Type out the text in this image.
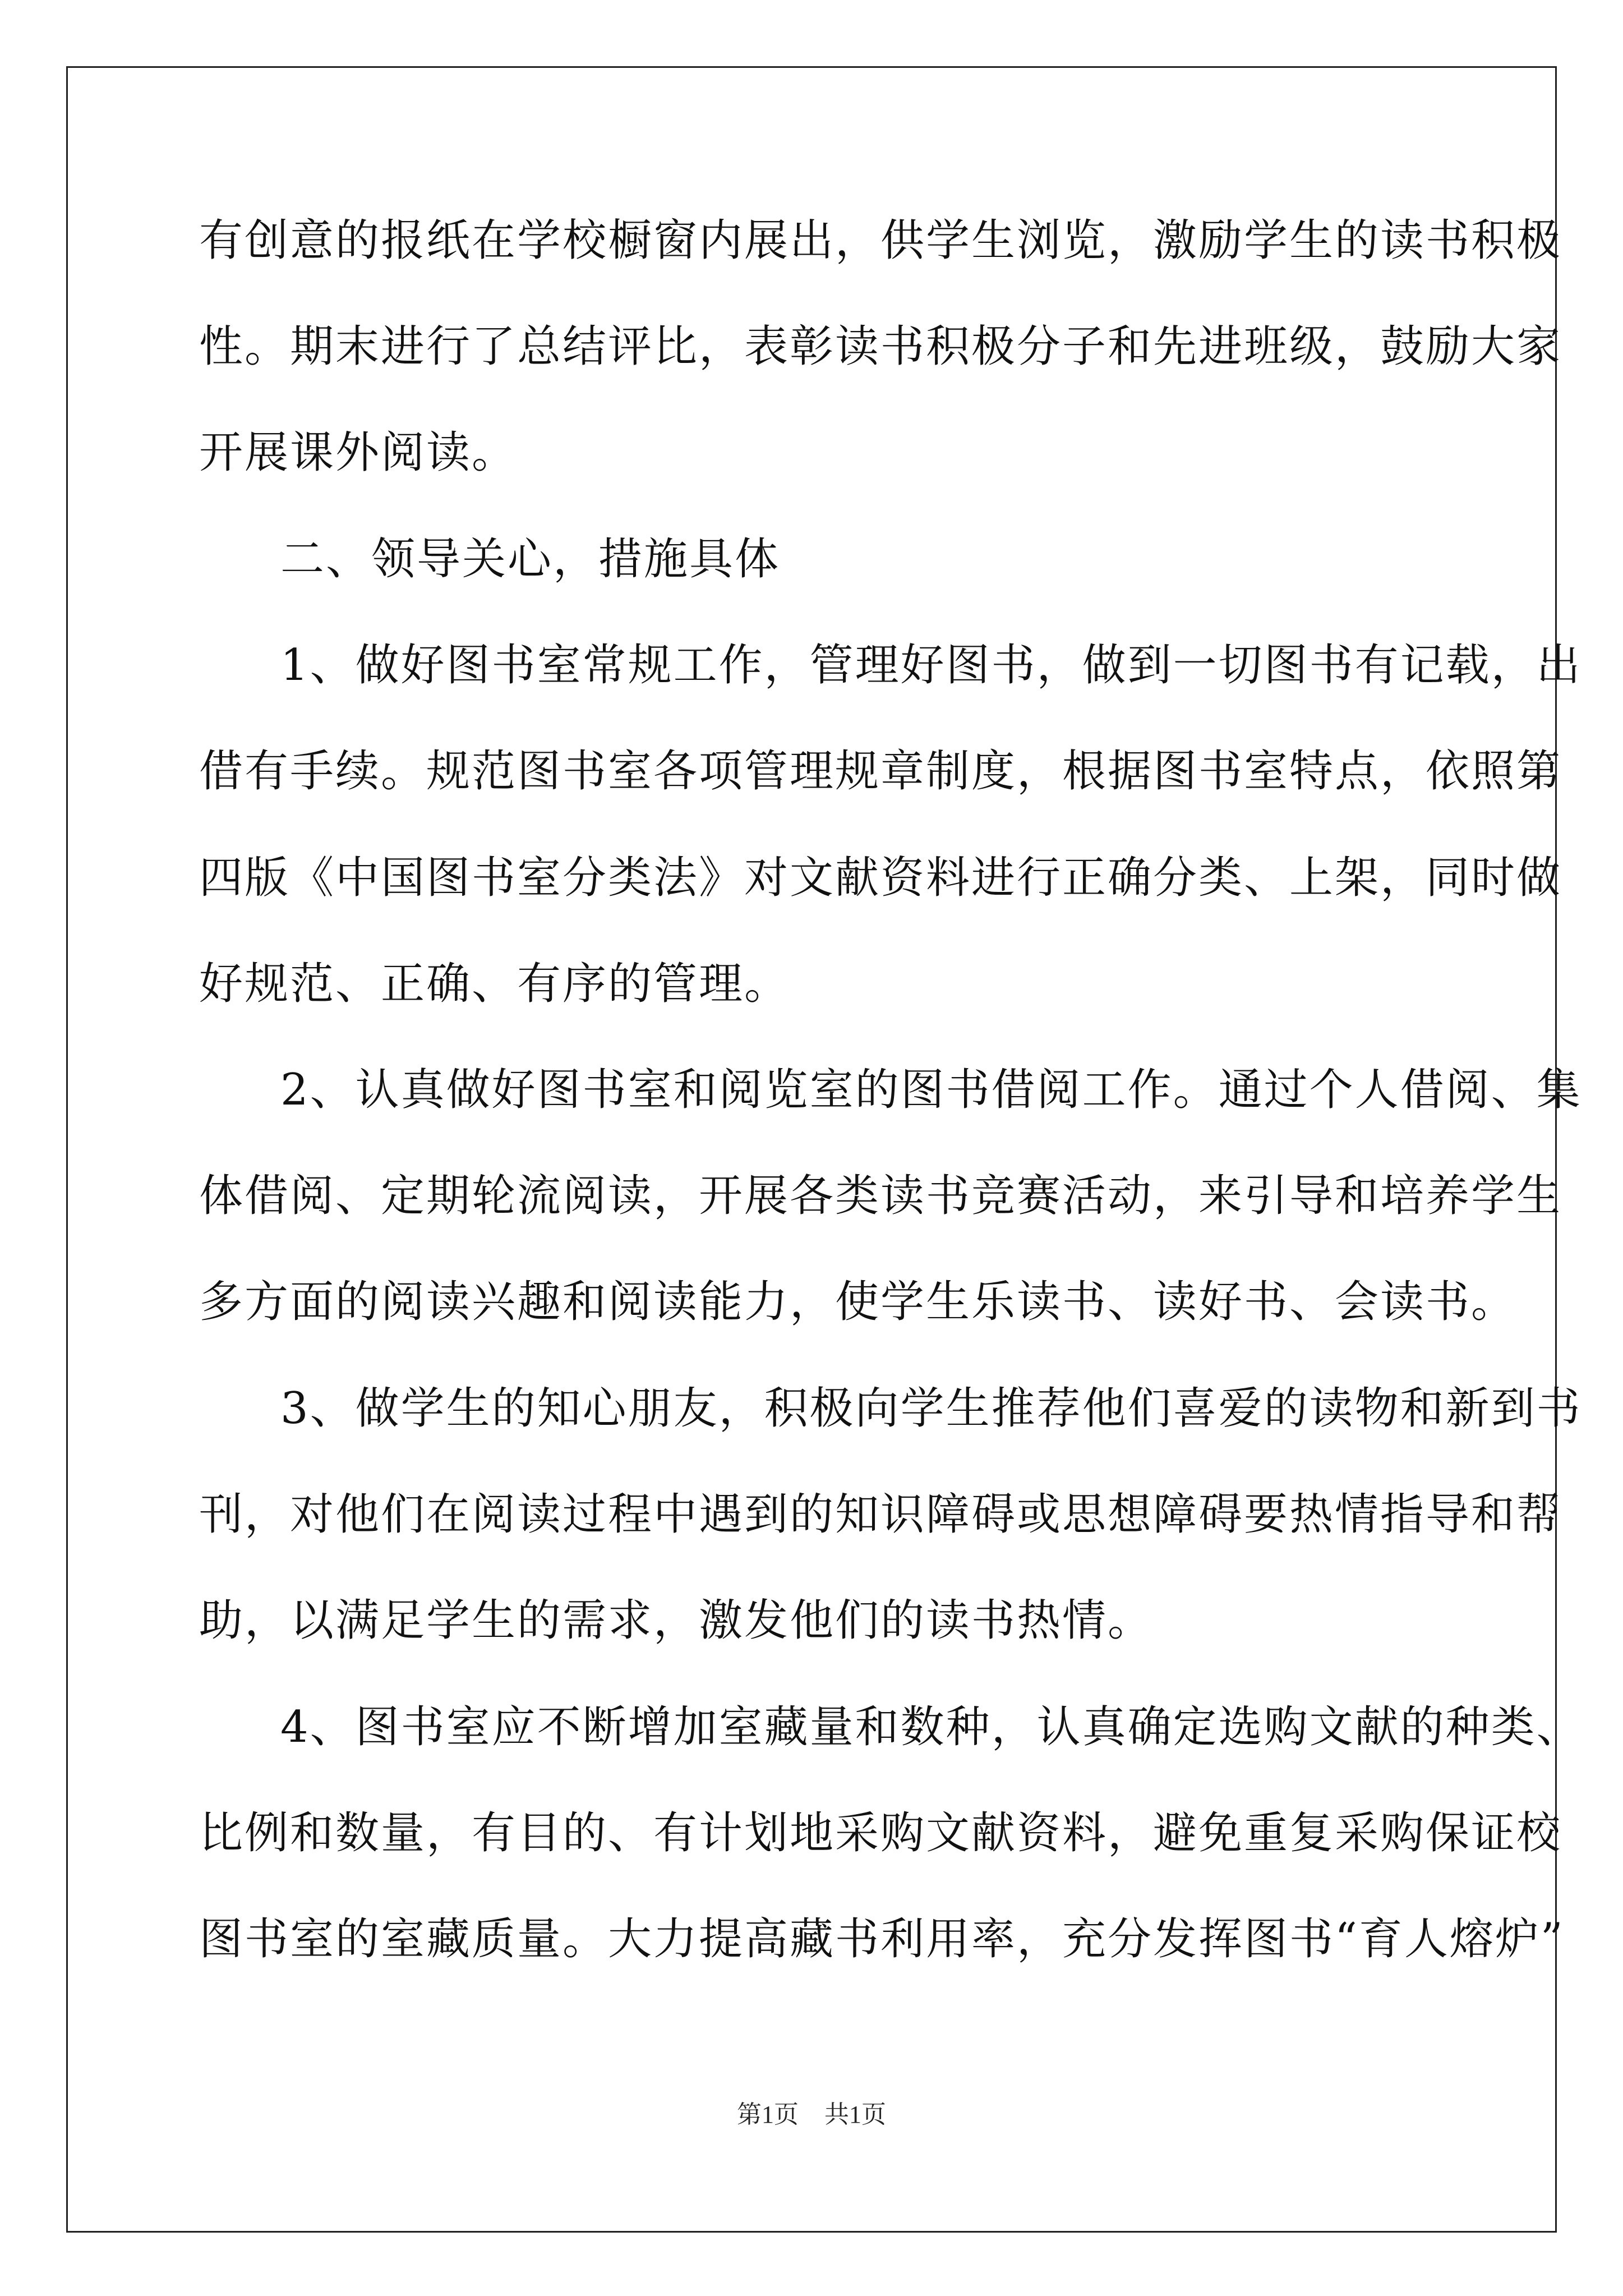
有创意的报纸在学校橱窗内展出，供学生浏览，激励学生的读书积极
性。期末进行了总结评比，表彰读书积极分子和先进班级，鼓励大家
开展课外阅读。
二、领导关心，措施具体
1、做好图书室常规工作，管理好图书，做到一切图书有记载，出
借有手续。规范图书室各项管理规章制度，根据图书室特点，依照第
四版《中国图书室分类法》对文献资料进行正确分类、上架，同时做
好规范、正确、有序的管理。
2、认真做好图书室和阅览室的图书借阅工作。通过个人借阅、集
体借阅、定期轮流阅读，开展各类读书竞赛活动，来引导和培养学生
多方面的阅读兴趣和阅读能力，使学生乐读书、读好书、会读书。
3、做学生的知心朋友，积极向学生推荐他们喜爱的读物和新到书
刊，对他们在阅读过程中遇到的知识障碍或思想障碍要热情指导和帮
助，以满足学生的需求，激发他们的读书热情。
4、图书室应不断增加室藏量和数种，认真确定选购文献的种类、
比例和数量，有目的、有计划地采购文献资料，避免重复采购保证校
图书室的室藏质量。大力提高藏书利用率，充分发挥图书“育人熔炉”
第1页 共1页
